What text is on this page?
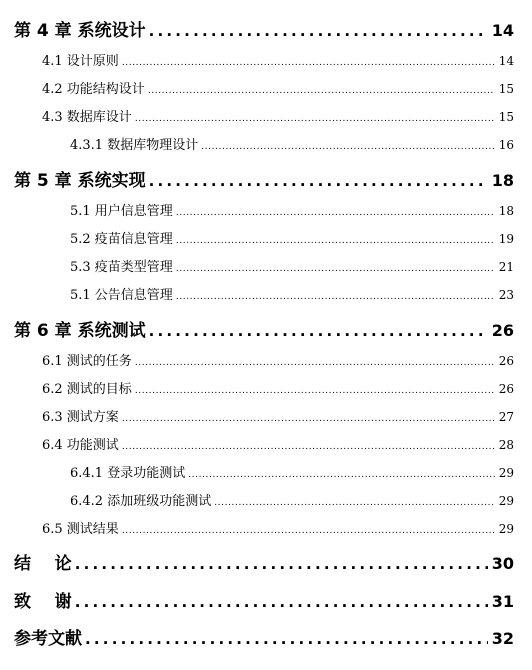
第 4 章 系统设计 .....	14
4.1 设计原则 .....	14
4.2 功能结构设计 .....	15
4.3 数据库设计 .....	15
4.3.1 数据库物理设计 .....	16
第 5 章 系统实现 .....	18
5.1 用户信息管理 .....	18
5.2 疫苗信息管理 .....	19
5.3 疫苗类型管理 .....	21
5.1 公告信息管理 .....	23
第 6 章 系统测试 .....	26
6.1 测试的任务 .....	26
6.2 测试的目标 .....	26
6.3 测试方案 .....	27
6.4 功能测试 .....	28
6.4.1 登录功能测试 .....	29
6.4.2 添加班级功能测试 .....	29
6.5 测试结果 .....	29
结    论 .....	30
致    谢 .....	31
参考文献 .....	32
